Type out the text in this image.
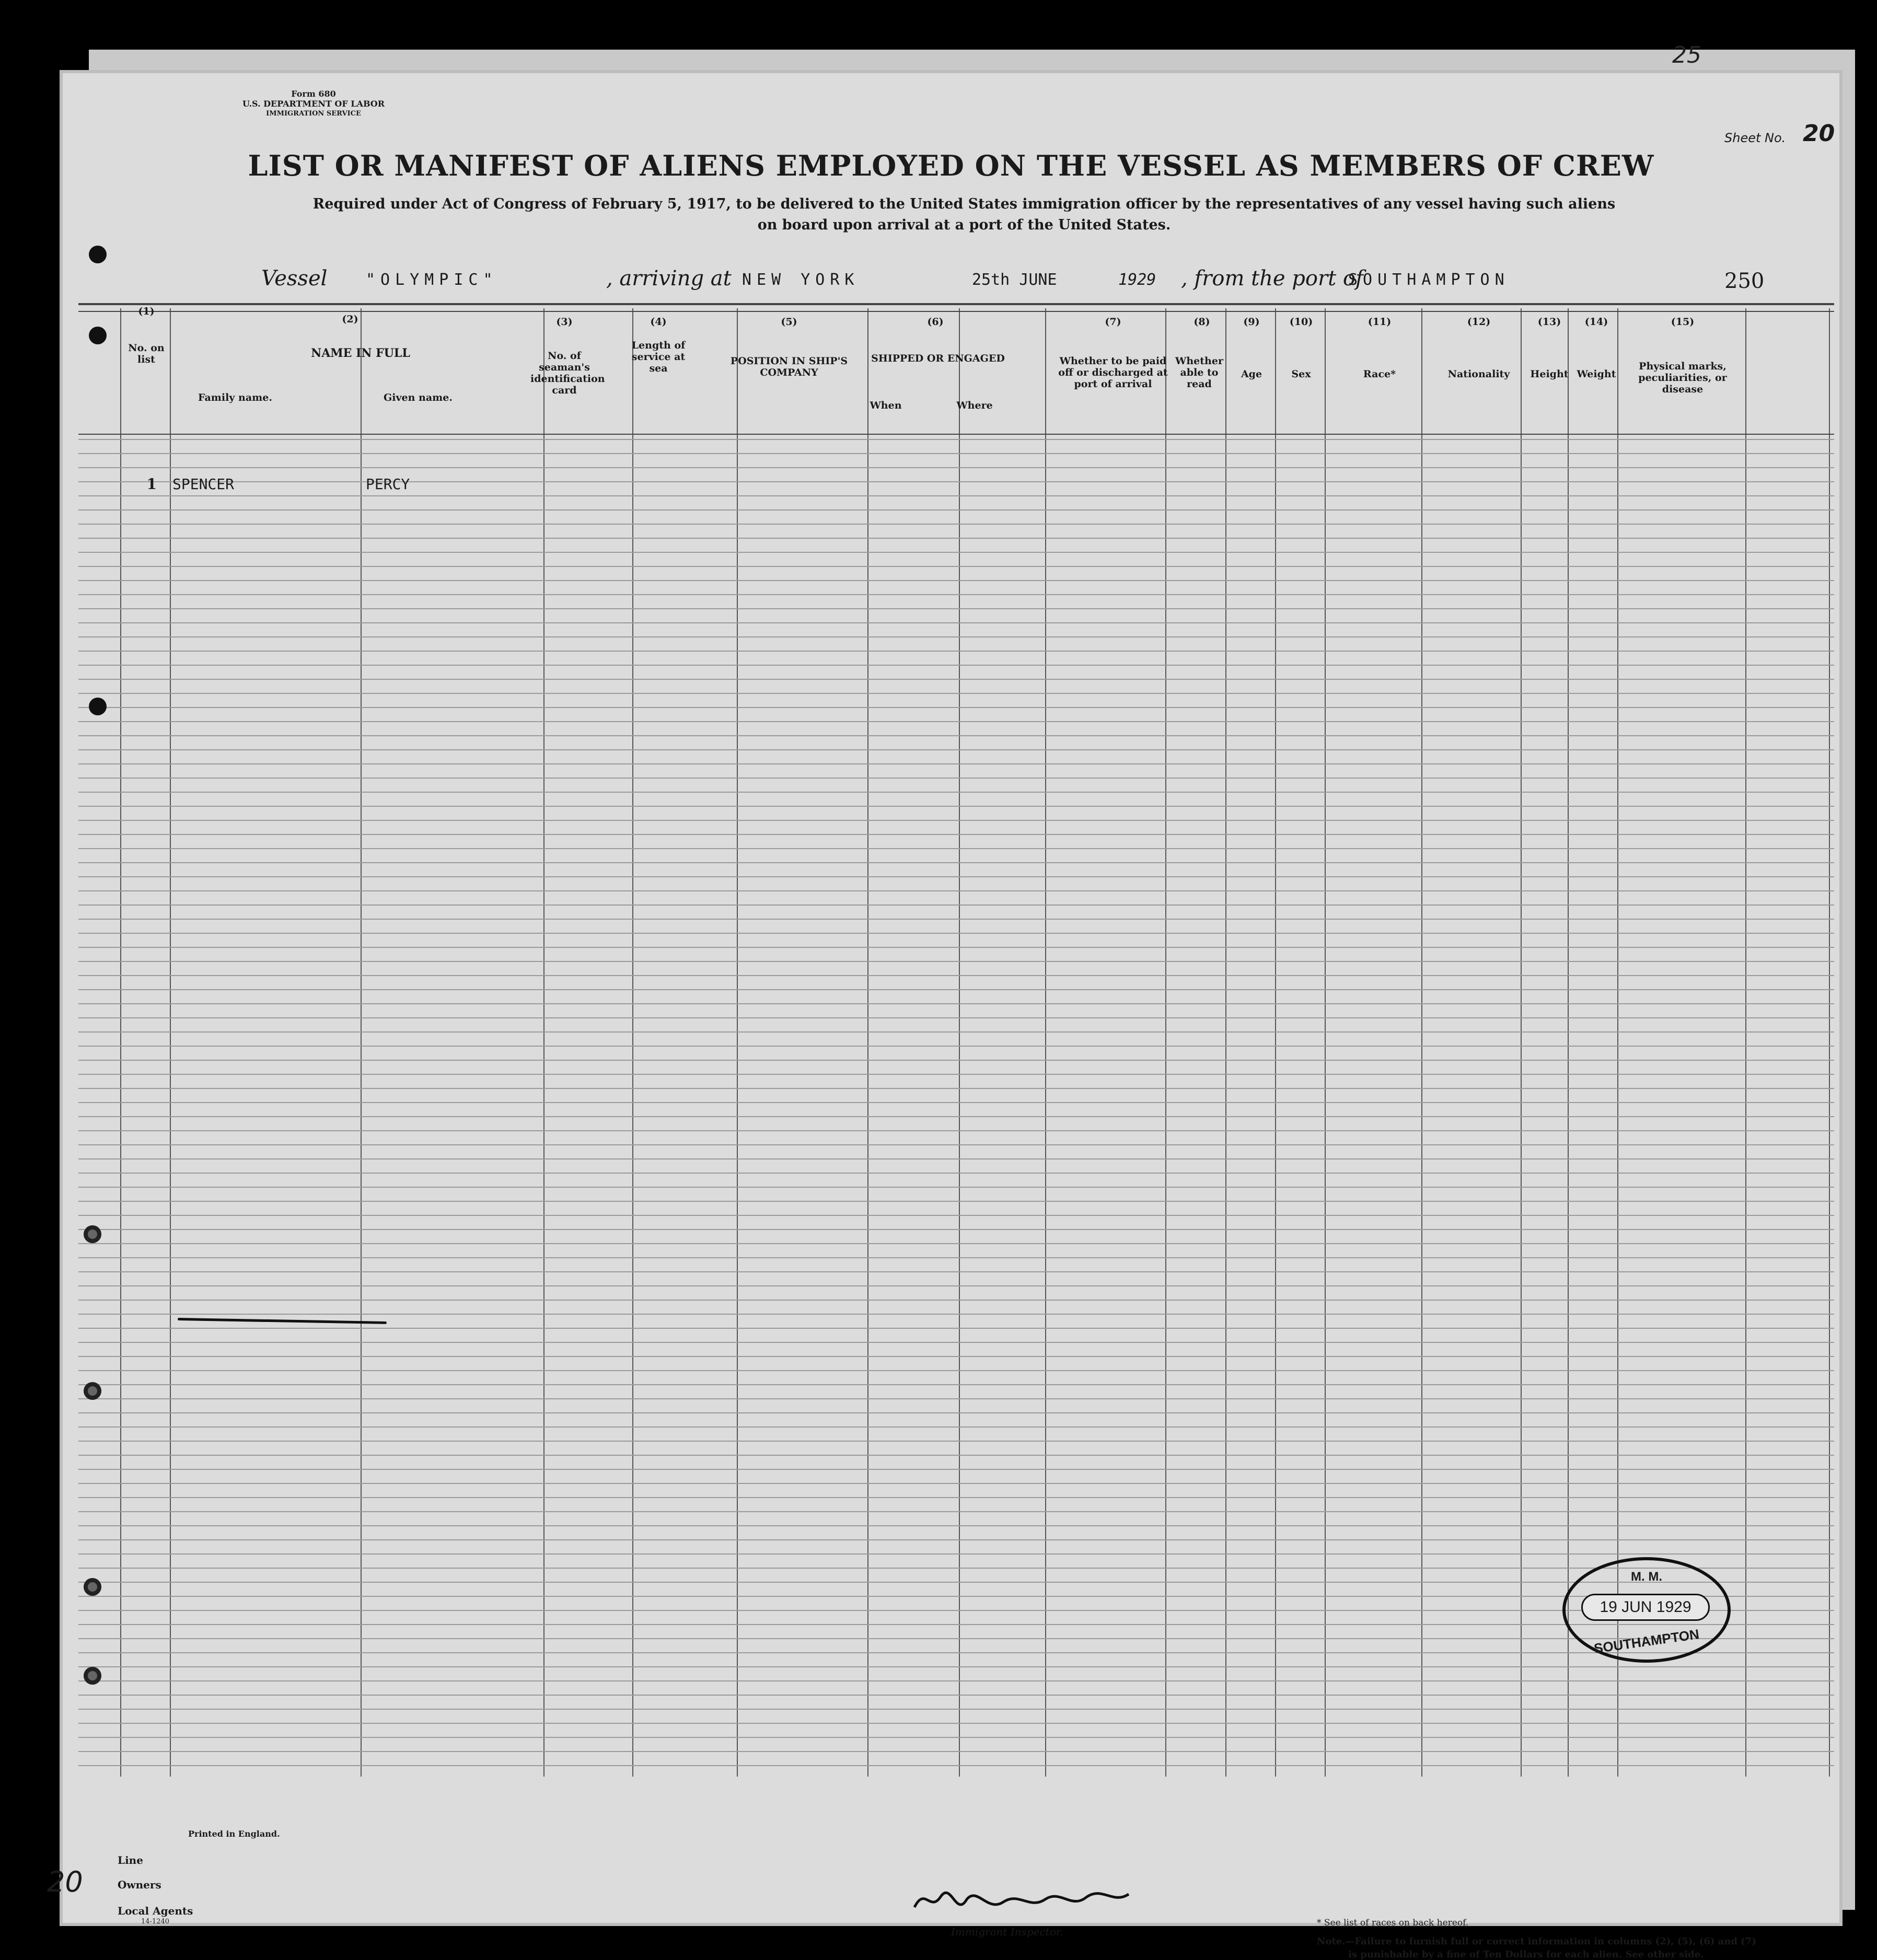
Form 680
U.S. DEPARTMENT OF LABOR
IMMIGRATION SERVICE
Sheet No. 20
LIST OR MANIFEST OF ALIENS EMPLOYED ON THE VESSEL AS MEMBERS OF CREW
Required under Act of Congress of February 5, 1917, to be delivered to the United States immigration officer by the representatives of any vessel having such aliens
on board upon arrival at a port of the United States.
Vessel "OLYMPIC"	, arriving at NEW YORK	25th JUNE	1929 , from the port of
SOUTHAMPTON	250
(1)
No. on list
(2)
NAME IN FULL
Family name.	Given name.
(3)
No. of seaman's identification card
(4)
Length of service at sea
(5)
POSITION IN SHIP'S COMPANY
(6)
SHIPPED OR ENGAGED
When	Where
(7)
Whether to be paid off or discharged at port of arrival
(8)
Whether able to read
(9)
Age
(10)
Sex
(11)
Race*
(12)
Nationality
(13)
Height
(14)
Weight
(15)
Physical marks, peculiarities, or disease
1 SPENCER	PERCY
M. M.
19 JUN 1929
SOUTHAMPTON
Printed in England.
Line
20	Owners
Local Agents
14-1240
Immigrant Inspector.
* See list of races on back hereof.
Note.—Failure to furnish full or correct information in columns (2), (5), (6) and (7)
is punishable by a fine of Ten Dollars for each alien. See other side.
25
